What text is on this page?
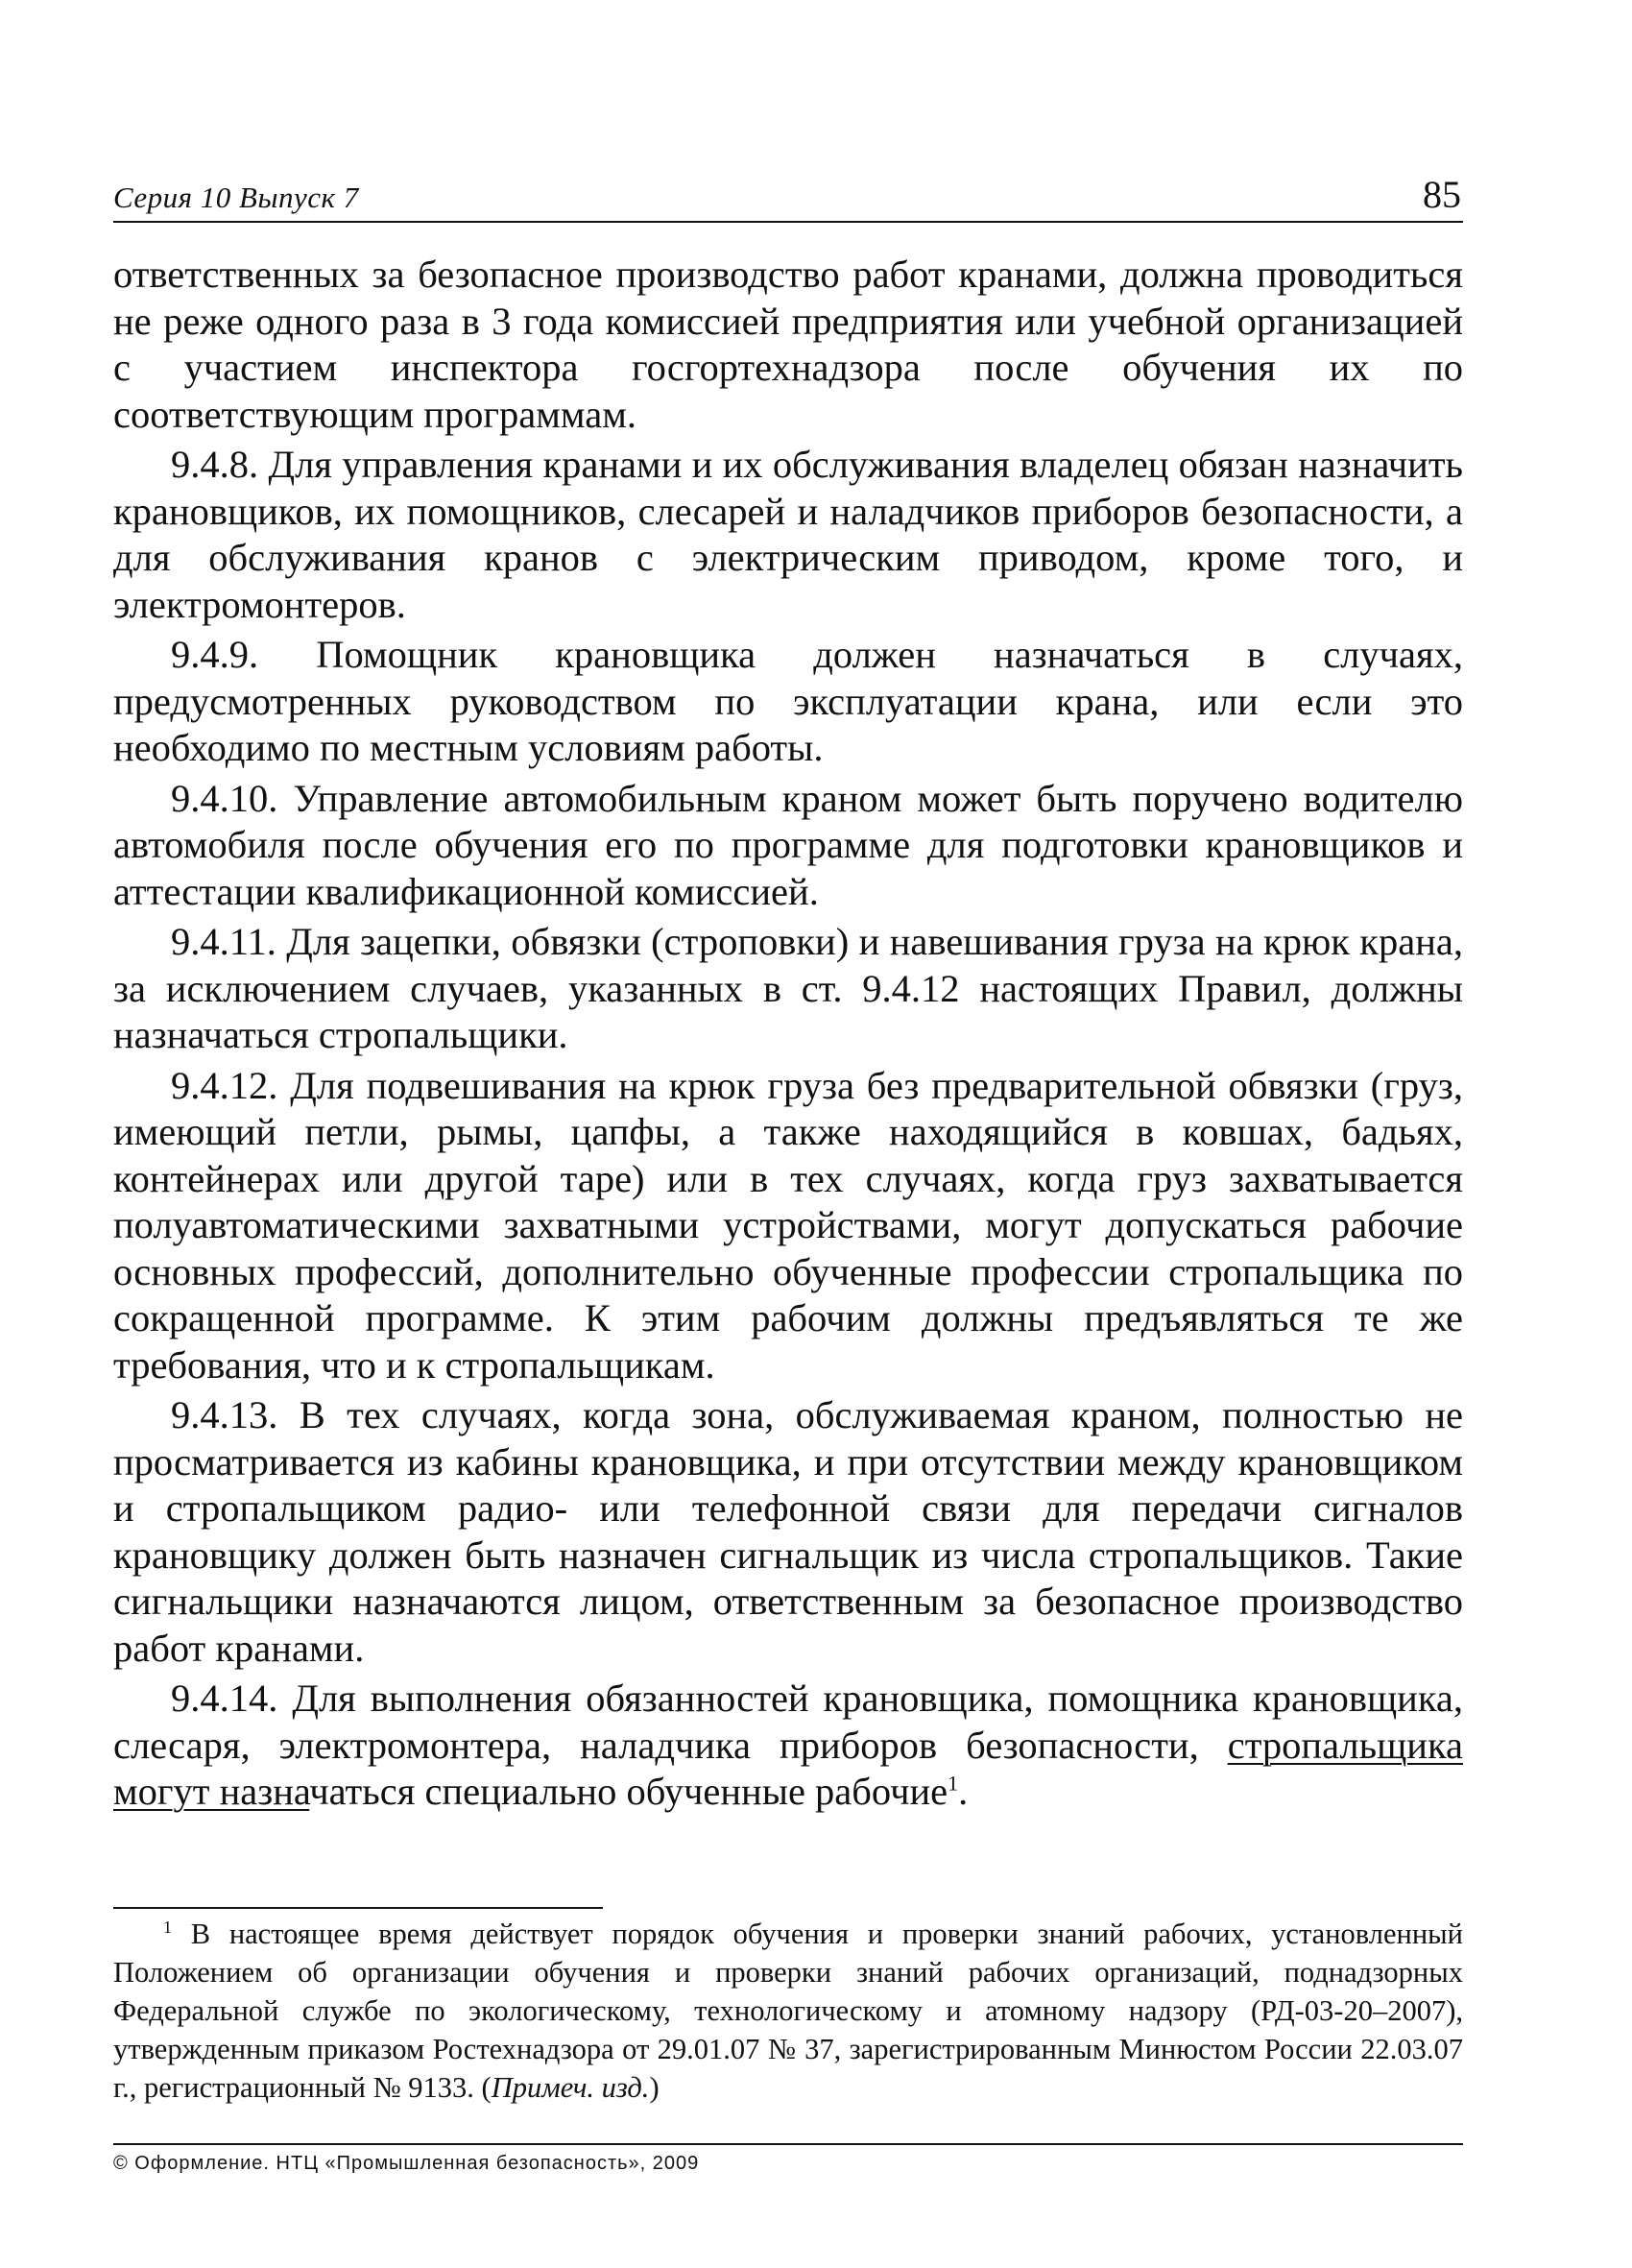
Серия 10 Выпуск 7	85

ответственных за безопасное производство работ кранами, должна проводиться не реже одного раза в 3 года комиссией предприятия или учебной организацией с участием инспектора госгортехнадзора после обучения их по соответствующим программам.

9.4.8. Для управления кранами и их обслуживания владелец обязан назначить крановщиков, их помощников, слесарей и наладчиков приборов безопасности, а для обслуживания кранов с электрическим приводом, кроме того, и электромонтеров.

9.4.9. Помощник крановщика должен назначаться в случаях, предусмотренных руководством по эксплуатации крана, или если это необходимо по местным условиям работы.

9.4.10. Управление автомобильным краном может быть поручено водителю автомобиля после обучения его по программе для подготовки крановщиков и аттестации квалификационной комиссией.

9.4.11. Для зацепки, обвязки (строповки) и навешивания груза на крюк крана, за исключением случаев, указанных в ст. 9.4.12 настоящих Правил, должны назначаться стропальщики.

9.4.12. Для подвешивания на крюк груза без предварительной обвязки (груз, имеющий петли, рымы, цапфы, а также находящийся в ковшах, бадьях, контейнерах или другой таре) или в тех случаях, когда груз захватывается полуавтоматическими захватными устройствами, могут допускаться рабочие основных профессий, дополнительно обученные профессии стропальщика по сокращенной программе. К этим рабочим должны предъявляться те же требования, что и к стропальщикам.

9.4.13. В тех случаях, когда зона, обслуживаемая краном, полностью не просматривается из кабины крановщика, и при отсутствии между крановщиком и стропальщиком радио- или телефонной связи для передачи сигналов крановщику должен быть назначен сигнальщик из числа стропальщиков. Такие сигнальщики назначаются лицом, ответственным за безопасное производство работ кранами.

9.4.14. Для выполнения обязанностей крановщика, помощника крановщика, слесаря, электромонтера, наладчика приборов безопасности, стропальщика могут назначаться специально обученные рабочие$^1$.

$^1$ В настоящее время действует порядок обучения и проверки знаний рабочих, установленный Положением об организации обучения и проверки знаний рабочих организаций, поднадзорных Федеральной службе по экологическому, технологическому и атомному надзору (РД-03-20–2007), утвержденным приказом Ростехнадзора от 29.01.07 № 37, зарегистрированным Минюстом России 22.03.07 г., регистрационный № 9133. (Примеч. изд.)

© Оформление. НТЦ «Промышленная безопасность», 2009
